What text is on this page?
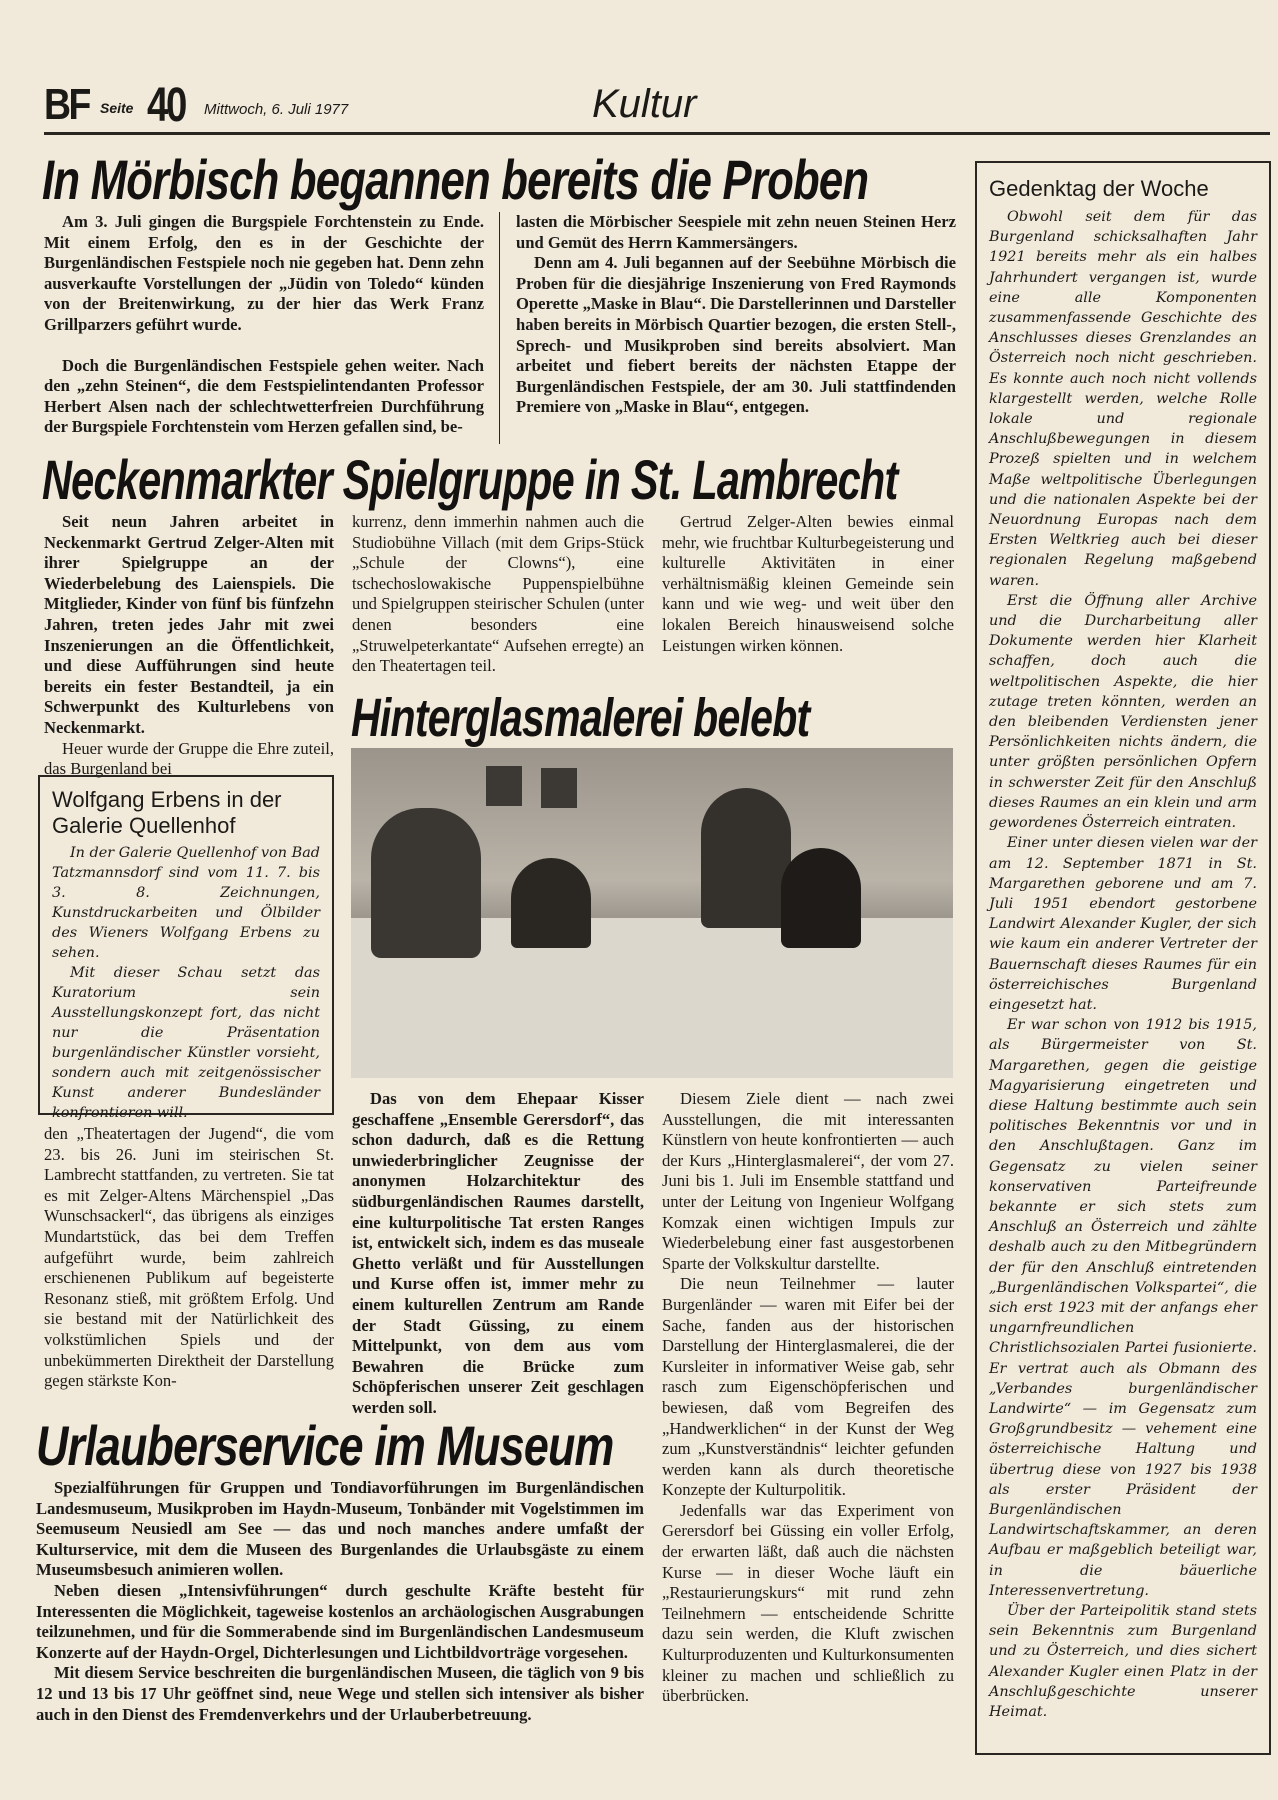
BF Seite 40 Mittwoch, 6. Juli 1977	Kultur
In Mörbisch begannen bereits die Proben

Am 3. Juli gingen die Burgspiele Forchtenstein zu Ende. Mit einem Erfolg, den es in der Geschichte der Burgenländischen Festspiele noch nie gegeben hat. Denn zehn ausverkaufte Vorstellungen der „Jüdin von Toledo“ künden von der Breitenwirkung, zu der hier das Werk Franz Grillparzers geführt wurde.

Doch die Burgenländischen Festspiele gehen weiter. Nach den „zehn Steinen“, die dem Festspielintendanten Professor Herbert Alsen nach der schlechtwetterfreien Durchführung der Burgspiele Forchtenstein vom Herzen gefallen sind, be-

lasten die Mörbischer Seespiele mit zehn neuen Steinen Herz und Gemüt des Herrn Kammersängers.

Denn am 4. Juli begannen auf der Seebühne Mörbisch die Proben für die diesjährige Inszenierung von Fred Raymonds Operette „Maske in Blau“. Die Darstellerinnen und Darsteller haben bereits in Mörbisch Quartier bezogen, die ersten Stell-, Sprech- und Musikproben sind bereits absolviert. Man arbeitet und fiebert bereits der nächsten Etappe der Burgenländischen Festspiele, der am 30. Juli stattfindenden Premiere von „Maske in Blau“, entgegen.

Neckenmarkter Spielgruppe in St. Lambrecht

Seit neun Jahren arbeitet in Neckenmarkt Gertrud Zelger-Alten mit ihrer Spielgruppe an der Wiederbelebung des Laienspiels. Die Mitglieder, Kinder von fünf bis fünfzehn Jahren, treten jedes Jahr mit zwei Inszenierungen an die Öffentlichkeit, und diese Aufführungen sind heute bereits ein fester Bestandteil, ja ein Schwerpunkt des Kulturlebens von Neckenmarkt.

Heuer wurde der Gruppe die Ehre zuteil, das Burgenland bei

kurrenz, denn immerhin nahmen auch die Studiobühne Villach (mit dem Grips-Stück „Schule der Clowns“), eine tschechoslowakische Puppenspielbühne und Spielgruppen steirischer Schulen (unter denen besonders eine „Struwelpeterkantate“ Aufsehen erregte) an den Theatertagen teil.

Gertrud Zelger-Alten bewies einmal mehr, wie fruchtbar Kulturbegeisterung und kulturelle Aktivitäten in einer verhältnismäßig kleinen Gemeinde sein kann und wie weg- und weit über den lokalen Bereich hinausweisend solche Leistungen wirken können.

Wolfgang Erbens in der Galerie Quellenhof

In der Galerie Quellenhof von Bad Tatzmannsdorf sind vom 11. 7. bis 3. 8. Zeichnungen, Kunstdruckarbeiten und Ölbilder des Wieners Wolfgang Erbens zu sehen.

Mit dieser Schau setzt das Kuratorium sein Ausstellungskonzept fort, das nicht nur die Präsentation burgenländischer Künstler vorsieht, sondern auch mit zeitgenössischer Kunst anderer Bundesländer konfrontieren will.

den „Theatertagen der Jugend“, die vom 23. bis 26. Juni im steirischen St. Lambrecht stattfanden, zu vertreten. Sie tat es mit Zelger-Altens Märchenspiel „Das Wunschsackerl“, das übrigens als einziges Mundartstück, das bei dem Treffen aufgeführt wurde, beim zahlreich erschienenen Publikum auf begeisterte Resonanz stieß, mit größtem Erfolg. Und sie bestand mit der Natürlichkeit des volkstümlichen Spiels und der unbekümmerten Direktheit der Darstellung gegen stärkste Kon-

Hinterglasmalerei belebt

Das von dem Ehepaar Kisser geschaffene „Ensemble Gerersdorf“, das schon dadurch, daß es die Rettung unwiederbringlicher Zeugnisse der anonymen Holzarchitektur des südburgenländischen Raumes darstellt, eine kulturpolitische Tat ersten Ranges ist, entwickelt sich, indem es das museale Ghetto verläßt und für Ausstellungen und Kurse offen ist, immer mehr zu einem kulturellen Zentrum am Rande der Stadt Güssing, zu einem Mittelpunkt, von dem aus vom Bewahren die Brücke zum Schöpferischen unserer Zeit geschlagen werden soll.

Diesem Ziele dient — nach zwei Ausstellungen, die mit interessanten Künstlern von heute konfrontierten — auch der Kurs „Hinterglasmalerei“, der vom 27. Juni bis 1. Juli im Ensemble stattfand und unter der Leitung von Ingenieur Wolfgang Komzak einen wichtigen Impuls zur Wiederbelebung einer fast ausgestorbenen Sparte der Volkskultur darstellte.

Die neun Teilnehmer — lauter Burgenländer — waren mit Eifer bei der Sache, fanden aus der historischen Darstellung der Hinterglasmalerei, die der Kursleiter in informativer Weise gab, sehr rasch zum Eigenschöpferischen und bewiesen, daß vom Begreifen des „Handwerklichen“ in der Kunst der Weg zum „Kunstverständnis“ leichter gefunden werden kann als durch theoretische Konzepte der Kulturpolitik.

Jedenfalls war das Experiment von Gerersdorf bei Güssing ein voller Erfolg, der erwarten läßt, daß auch die nächsten Kurse — in dieser Woche läuft ein „Restaurierungskurs“ mit rund zehn Teilnehmern — entscheidende Schritte dazu sein werden, die Kluft zwischen Kulturproduzenten und Kulturkonsumenten kleiner zu machen und schließlich zu überbrücken.

Urlauberservice im Museum

Spezialführungen für Gruppen und Tondiavorführungen im Burgenländischen Landesmuseum, Musikproben im Haydn-Museum, Tonbänder mit Vogelstimmen im Seemuseum Neusiedl am See — das und noch manches andere umfaßt der Kulturservice, mit dem die Museen des Burgenlandes die Urlaubsgäste zu einem Museumsbesuch animieren wollen.

Neben diesen „Intensivführungen“ durch geschulte Kräfte besteht für Interessenten die Möglichkeit, tageweise kostenlos an archäologischen Ausgrabungen teilzunehmen, und für die Sommerabende sind im Burgenländischen Landesmuseum Konzerte auf der Haydn-Orgel, Dichterlesungen und Lichtbildvorträge vorgesehen.

Mit diesem Service beschreiten die burgenländischen Museen, die täglich von 9 bis 12 und 13 bis 17 Uhr geöffnet sind, neue Wege und stellen sich intensiver als bisher auch in den Dienst des Fremdenverkehrs und der Urlauberbetreuung.

Gedenktag der Woche

Obwohl seit dem für das Burgenland schicksalhaften Jahr 1921 bereits mehr als ein halbes Jahrhundert vergangen ist, wurde eine alle Komponenten zusammenfassende Geschichte des Anschlusses dieses Grenzlandes an Österreich noch nicht geschrieben. Es konnte auch noch nicht vollends klargestellt werden, welche Rolle lokale und regionale Anschlußbewegungen in diesem Prozeß spielten und in welchem Maße weltpolitische Überlegungen und die nationalen Aspekte bei der Neuordnung Europas nach dem Ersten Weltkrieg auch bei dieser regionalen Regelung maßgebend waren.

Erst die Öffnung aller Archive und die Durcharbeitung aller Dokumente werden hier Klarheit schaffen, doch auch die weltpolitischen Aspekte, die hier zutage treten könnten, werden an den bleibenden Verdiensten jener Persönlichkeiten nichts ändern, die unter größten persönlichen Opfern in schwerster Zeit für den Anschluß dieses Raumes an ein klein und arm gewordenes Österreich eintraten.

Einer unter diesen vielen war der am 12. September 1871 in St. Margarethen geborene und am 7. Juli 1951 ebendort gestorbene Landwirt Alexander Kugler, der sich wie kaum ein anderer Vertreter der Bauernschaft dieses Raumes für ein österreichisches Burgenland eingesetzt hat.

Er war schon von 1912 bis 1915, als Bürgermeister von St. Margarethen, gegen die geistige Magyarisierung eingetreten und diese Haltung bestimmte auch sein politisches Bekenntnis vor und in den Anschlußtagen. Ganz im Gegensatz zu vielen seiner konservativen Parteifreunde bekannte er sich stets zum Anschluß an Österreich und zählte deshalb auch zu den Mitbegründern der für den Anschluß eintretenden „Burgenländischen Volkspartei“, die sich erst 1923 mit der anfangs eher ungarnfreundlichen Christlichsozialen Partei fusionierte. Er vertrat auch als Obmann des „Verbandes burgenländischer Landwirte“ — im Gegensatz zum Großgrundbesitz — vehement eine österreichische Haltung und übertrug diese von 1927 bis 1938 als erster Präsident der Burgenländischen Landwirtschaftskammer, an deren Aufbau er maßgeblich beteiligt war, in die bäuerliche Interessenvertretung.

Über der Parteipolitik stand stets sein Bekenntnis zum Burgenland und zu Österreich, und dies sichert Alexander Kugler einen Platz in der Anschlußgeschichte unserer Heimat.
